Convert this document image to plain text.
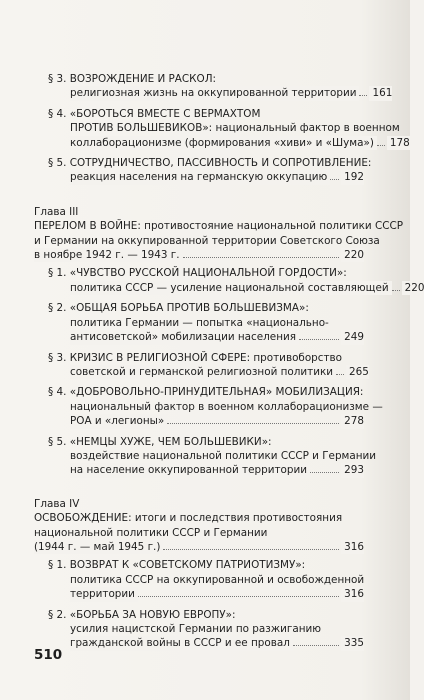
§ 3. ВОЗРОЖДЕНИЕ И РАСКОЛ:
религиозная жизнь на оккупированной территории 161
§ 4. «БОРОТЬСЯ ВМЕСТЕ С ВЕРМАХТОМ
ПРОТИВ БОЛЬШЕВИКОВ»: национальный фактор в военном
коллаборационизме (формирования «хиви» и «Шума») 178
§ 5. СОТРУДНИЧЕСТВО, ПАССИВНОСТЬ И СОПРОТИВЛЕНИЕ:
реакция населения на германскую оккупацию 192
Глава III
ПЕРЕЛОМ В ВОЙНЕ: противостояние национальной политики СССР
и Германии на оккупированной территории Советского Союза
в ноябре 1942 г. — 1943 г.	220
§ 1. «ЧУВСТВО РУССКОЙ НАЦИОНАЛЬНОЙ ГОРДОСТИ»:
политика СССР — усиление национальной составляющей 220
§ 2. «ОБЩАЯ БОРЬБА ПРОТИВ БОЛЬШЕВИЗМА»:
политика Германии — попытка «национально-
антисоветской» мобилизации населения	249
§ 3. КРИЗИС В РЕЛИГИОЗНОЙ СФЕРЕ: противоборство
советской и германской религиозной политики 265
§ 4. «ДОБРОВОЛЬНО-ПРИНУДИТЕЛЬНАЯ» МОБИЛИЗАЦИЯ:
национальный фактор в военном коллаборационизме —
РОА и «легионы»	278
§ 5. «НЕМЦЫ ХУЖЕ, ЧЕМ БОЛЬШЕВИКИ»:
воздействие национальной политики СССР и Германии
на население оккупированной территории	293
Глава IV
ОСВОБОЖДЕНИЕ: итоги и последствия противостояния
национальной политики СССР и Германии
(1944 г. — май 1945 г.)	316
§ 1. ВОЗВРАТ К «СОВЕТСКОМУ ПАТРИОТИЗМУ»:
политика СССР на оккупированной и освобожденной
территории	316
§ 2. «БОРЬБА ЗА НОВУЮ ЕВРОПУ»:
усилия нацистской Германии по разжиганию
гражданской войны в СССР и ее провал	335
510
